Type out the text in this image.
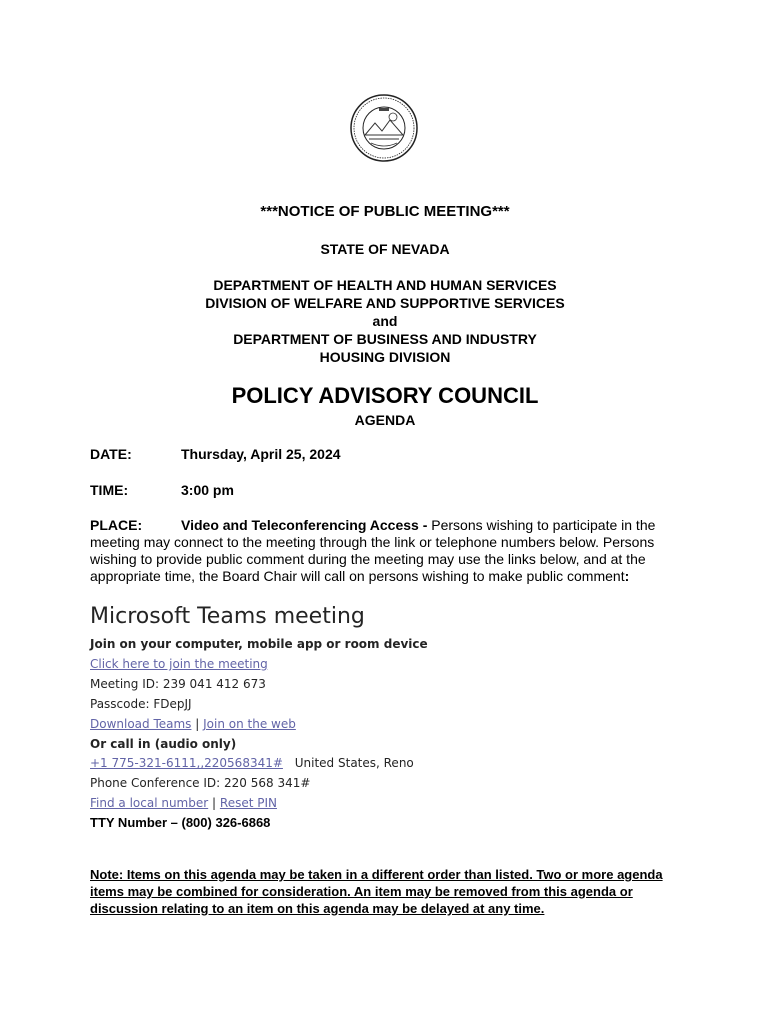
***NOTICE OF PUBLIC MEETING***
STATE OF NEVADA
DEPARTMENT OF HEALTH AND HUMAN SERVICES
DIVISION OF WELFARE AND SUPPORTIVE SERVICES
and
DEPARTMENT OF BUSINESS AND INDUSTRY
HOUSING DIVISION
POLICY ADVISORY COUNCIL
AGENDA
DATE:	Thursday, April 25, 2024
TIME:	3:00 pm
PLACE:	Video and Teleconferencing Access - Persons wishing to participate in the meeting may connect to the meeting through the link or telephone numbers below. Persons wishing to provide public comment during the meeting may use the links below, and at the appropriate time, the Board Chair will call on persons wishing to make public comment:
Microsoft Teams meeting
Join on your computer, mobile app or room device
Click here to join the meeting
Meeting ID: 239 041 412 673
Passcode: FDepJJ
Download Teams | Join on the web
Or call in (audio only)
+1 775-321-6111,,220568341# United States, Reno
Phone Conference ID: 220 568 341#
Find a local number | Reset PIN
TTY Number – (800) 326-6868
Note: Items on this agenda may be taken in a different order than listed. Two or more agenda items may be combined for consideration. An item may be removed from this agenda or discussion relating to an item on this agenda may be delayed at any time.
